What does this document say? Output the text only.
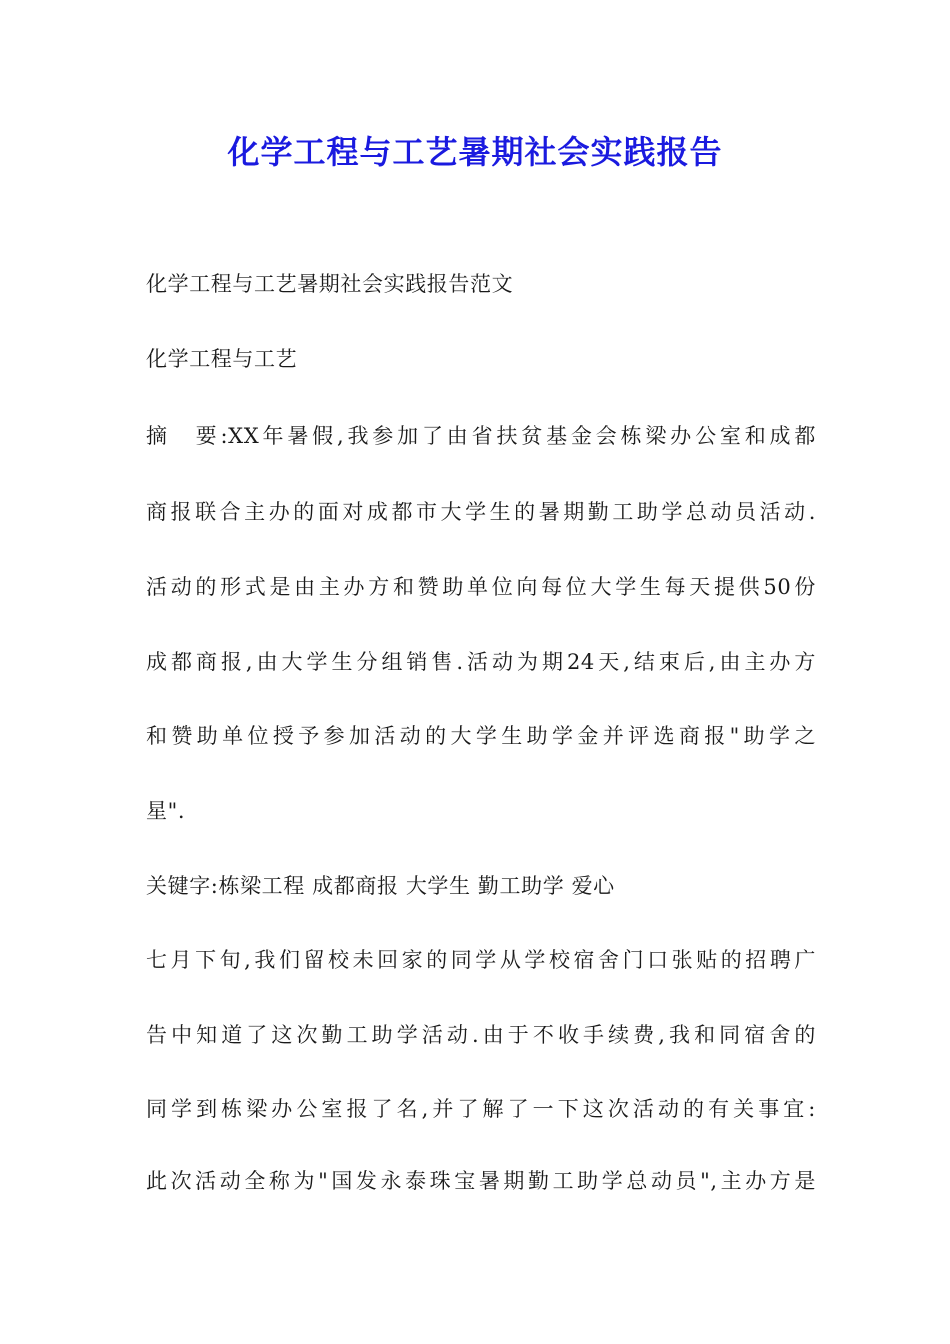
化学工程与工艺暑期社会实践报告
化学工程与工艺暑期社会实践报告范文
化学工程与工艺
摘　要:XX年暑假,我参加了由省扶贫基金会栋梁办公室和成都
商报联合主办的面对成都市大学生的暑期勤工助学总动员活动.
活动的形式是由主办方和赞助单位向每位大学生每天提供50份
成都商报,由大学生分组销售.活动为期24天,结束后,由主办方
和赞助单位授予参加活动的大学生助学金并评选商报"助学之
星".
关键字:栋梁工程 成都商报 大学生 勤工助学 爱心
七月下旬,我们留校未回家的同学从学校宿舍门口张贴的招聘广
告中知道了这次勤工助学活动.由于不收手续费,我和同宿舍的
同学到栋梁办公室报了名,并了解了一下这次活动的有关事宜:
此次活动全称为"国发永泰珠宝暑期勤工助学总动员",主办方是
